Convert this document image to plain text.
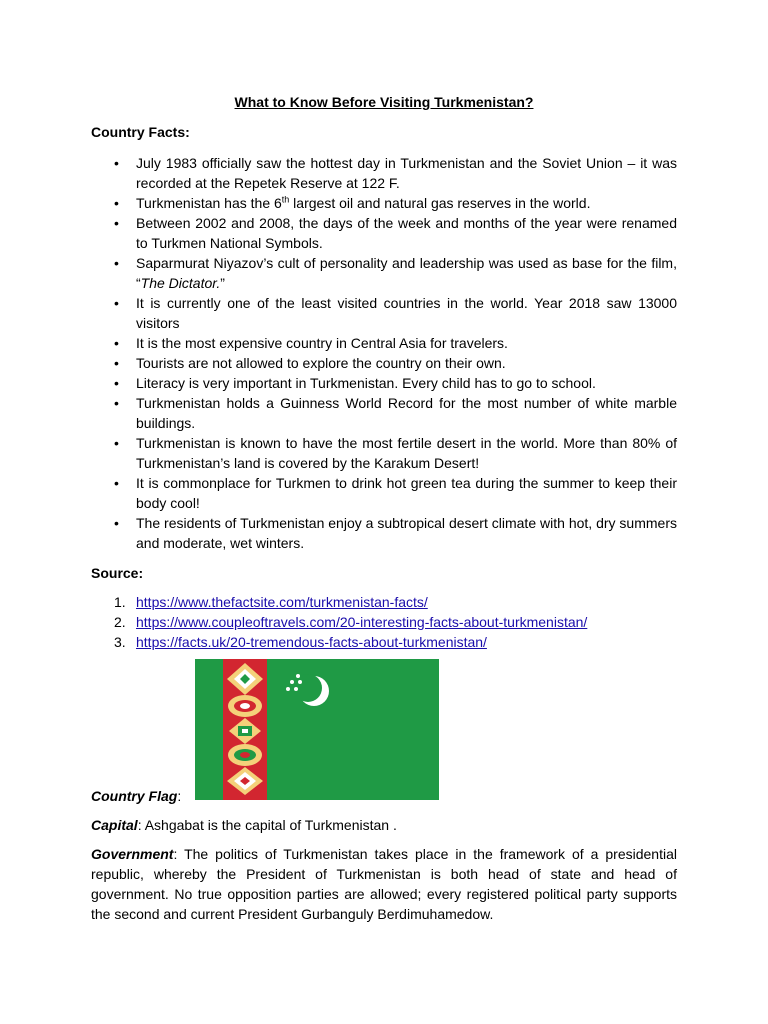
What to Know Before Visiting Turkmenistan?
Country Facts:
• July 1983 officially saw the hottest day in Turkmenistan and the Soviet Union – it was recorded at the Repetek Reserve at 122 F.
• Turkmenistan has the 6th largest oil and natural gas reserves in the world.
• Between 2002 and 2008, the days of the week and months of the year were renamed to Turkmen National Symbols.
• Saparmurat Niyazov’s cult of personality and leadership was used as base for the film, “The Dictator.”
• It is currently one of the least visited countries in the world. Year 2018 saw 13000 visitors
• It is the most expensive country in Central Asia for travelers.
• Tourists are not allowed to explore the country on their own.
• Literacy is very important in Turkmenistan. Every child has to go to school.
• Turkmenistan holds a Guinness World Record for the most number of white marble buildings.
• Turkmenistan is known to have the most fertile desert in the world. More than 80% of Turkmenistan’s land is covered by the Karakum Desert!
• It is commonplace for Turkmen to drink hot green tea during the summer to keep their body cool!
• The residents of Turkmenistan enjoy a subtropical desert climate with hot, dry summers and moderate, wet winters.
Source:
1. https://www.thefactsite.com/turkmenistan-facts/
2. https://www.coupleoftravels.com/20-interesting-facts-about-turkmenistan/
3. https://facts.uk/20-tremendous-facts-about-turkmenistan/
Country Flag:
Capital: Ashgabat is the capital of Turkmenistan .
Government: The politics of Turkmenistan takes place in the framework of a presidential republic, whereby the President of Turkmenistan is both head of state and head of government. No true opposition parties are allowed; every registered political party supports the second and current President Gurbanguly Berdimuhamedow.
